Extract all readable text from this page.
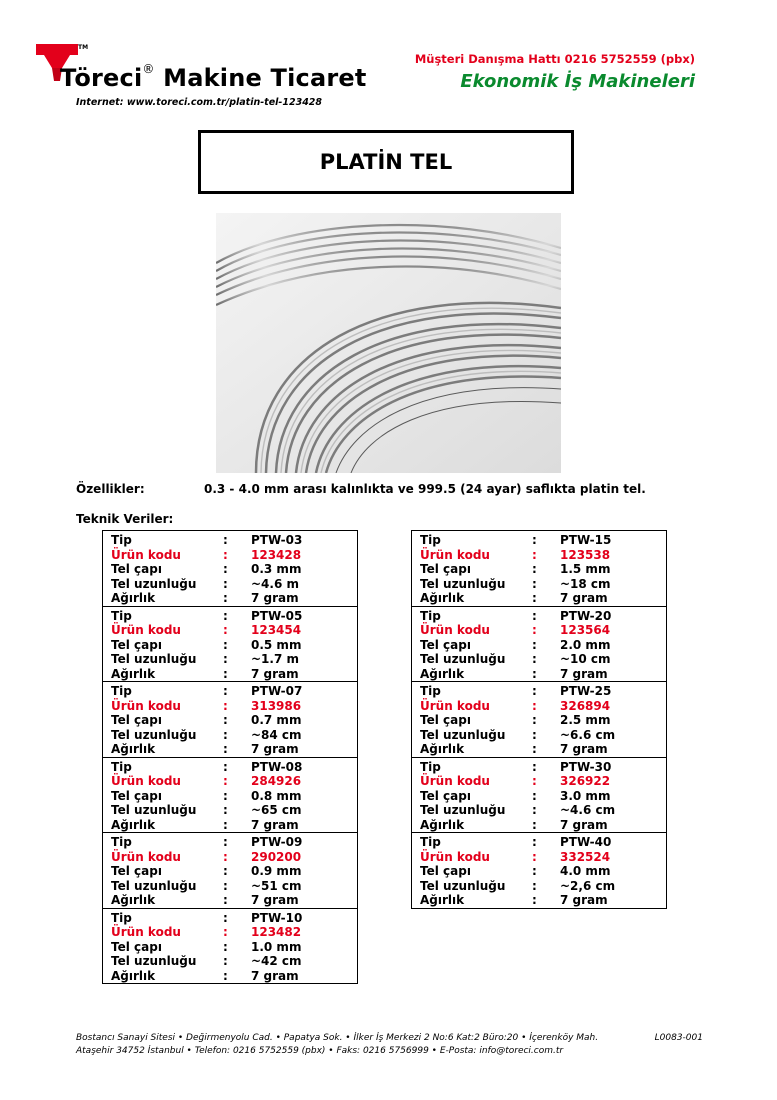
TM
Töreci® Makine Ticaret
Internet: www.toreci.com.tr/platin-tel-123428
Müşteri Danışma Hattı 0216 5752559 (pbx)
Ekonomik İş Makineleri
PLATİN TEL
Özellikler:	0.3 - 4.0 mm arası kalınlıkta ve 999.5 (24 ayar) saflıkta platin tel.
Teknik Veriler:
Tip	: PTW-03
Ürün kodu	: 123428
Tel çapı	: 0.3 mm
Tel uzunluğu : ~4.6 m
Ağırlık	: 7 gram
Tip	: PTW-05
Ürün kodu	: 123454
Tel çapı	: 0.5 mm
Tel uzunluğu : ~1.7 m
Ağırlık	: 7 gram
Tip	: PTW-07
Ürün kodu	: 313986
Tel çapı	: 0.7 mm
Tel uzunluğu : ~84 cm
Ağırlık	: 7 gram
Tip	: PTW-08
Ürün kodu	: 284926
Tel çapı	: 0.8 mm
Tel uzunluğu : ~65 cm
Ağırlık	: 7 gram
Tip	: PTW-09
Ürün kodu	: 290200
Tel çapı	: 0.9 mm
Tel uzunluğu : ~51 cm
Ağırlık	: 7 gram
Tip	: PTW-10
Ürün kodu	: 123482
Tel çapı	: 1.0 mm
Tel uzunluğu : ~42 cm
Ağırlık	: 7 gram
Tip	: PTW-15
Ürün kodu	: 123538
Tel çapı	: 1.5 mm
Tel uzunluğu : ~18 cm
Ağırlık	: 7 gram
Tip	: PTW-20
Ürün kodu	: 123564
Tel çapı	: 2.0 mm
Tel uzunluğu : ~10 cm
Ağırlık	: 7 gram
Tip	: PTW-25
Ürün kodu	: 326894
Tel çapı	: 2.5 mm
Tel uzunluğu : ~6.6 cm
Ağırlık	: 7 gram
Tip	: PTW-30
Ürün kodu	: 326922
Tel çapı	: 3.0 mm
Tel uzunluğu : ~4.6 cm
Ağırlık	: 7 gram
Tip	: PTW-40
Ürün kodu	: 332524
Tel çapı	: 4.0 mm
Tel uzunluğu : ~2,6 cm
Ağırlık	: 7 gram
Bostancı Sanayi Sitesi • Değirmenyolu Cad. • Papatya Sok. • İlker İş Merkezi 2 No:6 Kat:2 Büro:20 • İçerenköy Mah.
Ataşehir 34752 İstanbul • Telefon: 0216 5752559 (pbx) • Faks: 0216 5756999 • E-Posta: info@toreci.com.tr
L0083-001
